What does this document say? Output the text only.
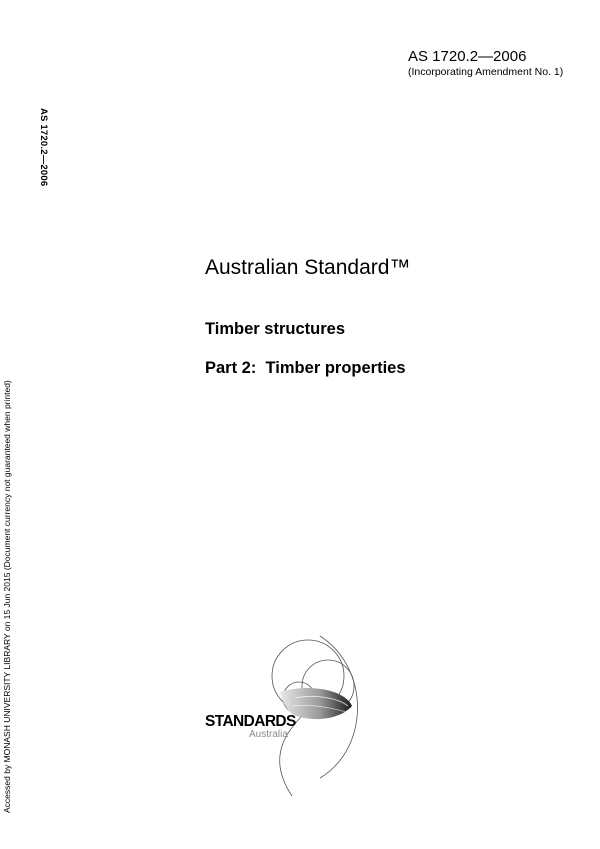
AS 1720.2—2006
(Incorporating Amendment No. 1)
AS 1720.2—2006
Accessed by MONASH UNIVERSITY LIBRARY on 15 Jun 2015 (Document currency not guaranteed when printed)
Australian Standard™
Timber structures
Part 2:  Timber properties
STANDARDS
Australia
